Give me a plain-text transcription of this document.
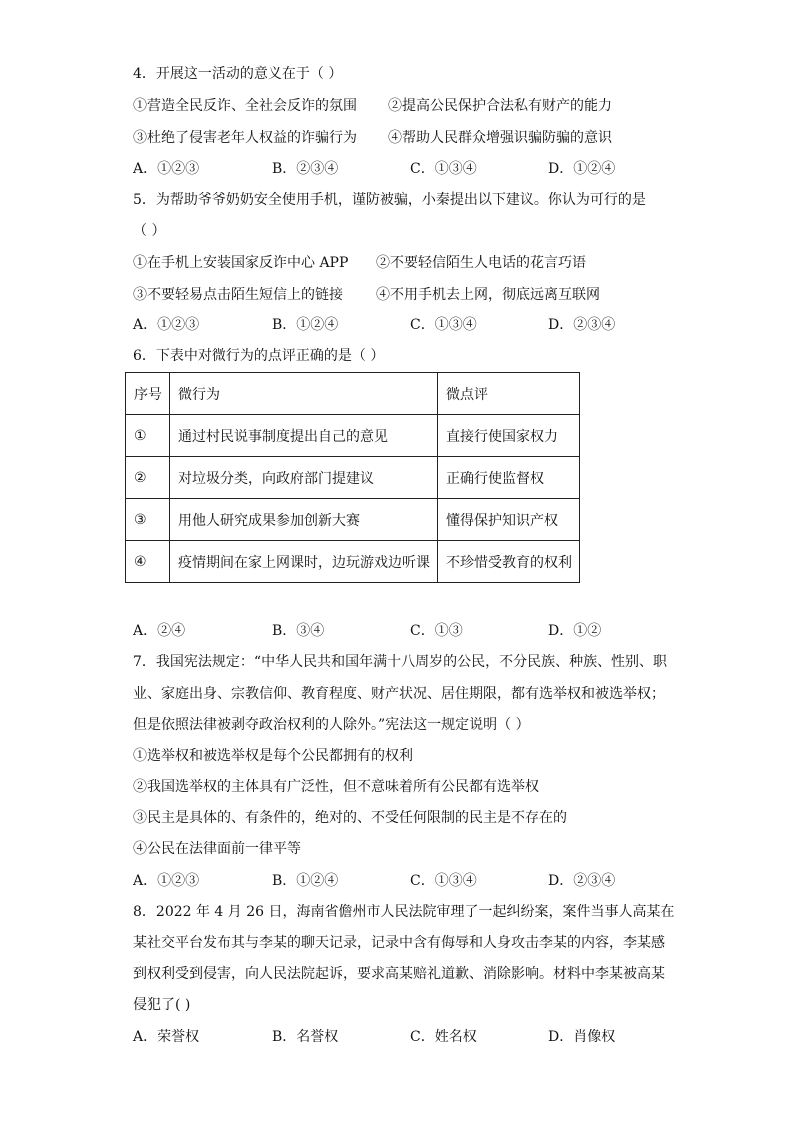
4．开展这一活动的意义在于（ ）
①营造全民反诈、全社会反诈的氛围 ②提高公民保护合法私有财产的能力
③杜绝了侵害老年人权益的诈骗行为 ④帮助人民群众增强识骗防骗的意识
A．①②③	B．②③④	C．①③④	D．①②④
5．为帮助爷爷奶奶安全使用手机，谨防被骗，小秦提出以下建议。你认为可行的是
（ ）
①在手机上安装国家反诈中心 APP ②不要轻信陌生人电话的花言巧语
③不要轻易点击陌生短信上的链接 ④不用手机去上网，彻底远离互联网
A．①②③	B．①②④	C．①③④	D．②③④
6．下表中对微行为的点评正确的是（ ）
序号	微行为	微点评
①	通过村民说事制度提出自己的意见	直接行使国家权力
②	对垃圾分类，向政府部门提建议	正确行使监督权
③	用他人研究成果参加创新大赛	懂得保护知识产权
④	疫情期间在家上网课时，边玩游戏边听课	不珍惜受教育的权利
A．②④	B．③④	C．①③	D．①②
7．我国宪法规定：“中华人民共和国年满十八周岁的公民，不分民族、种族、性别、职
业、家庭出身、宗教信仰、教育程度、财产状况、居住期限，都有选举权和被选举权；
但是依照法律被剥夺政治权利的人除外。”宪法这一规定说明（ ）
①选举权和被选举权是每个公民都拥有的权利
②我国选举权的主体具有广泛性，但不意味着所有公民都有选举权
③民主是具体的、有条件的，绝对的、不受任何限制的民主是不存在的
④公民在法律面前一律平等
A．①②③	B．①②④	C．①③④	D．②③④
8．2022 年 4 月 26 日，海南省儋州市人民法院审理了一起纠纷案，案件当事人高某在
某社交平台发布其与李某的聊天记录，记录中含有侮辱和人身攻击李某的内容，李某感
到权利受到侵害，向人民法院起诉，要求高某赔礼道歉、消除影响。材料中李某被高某
侵犯了( )
A．荣誉权	B．名誉权	C．姓名权	D．肖像权
